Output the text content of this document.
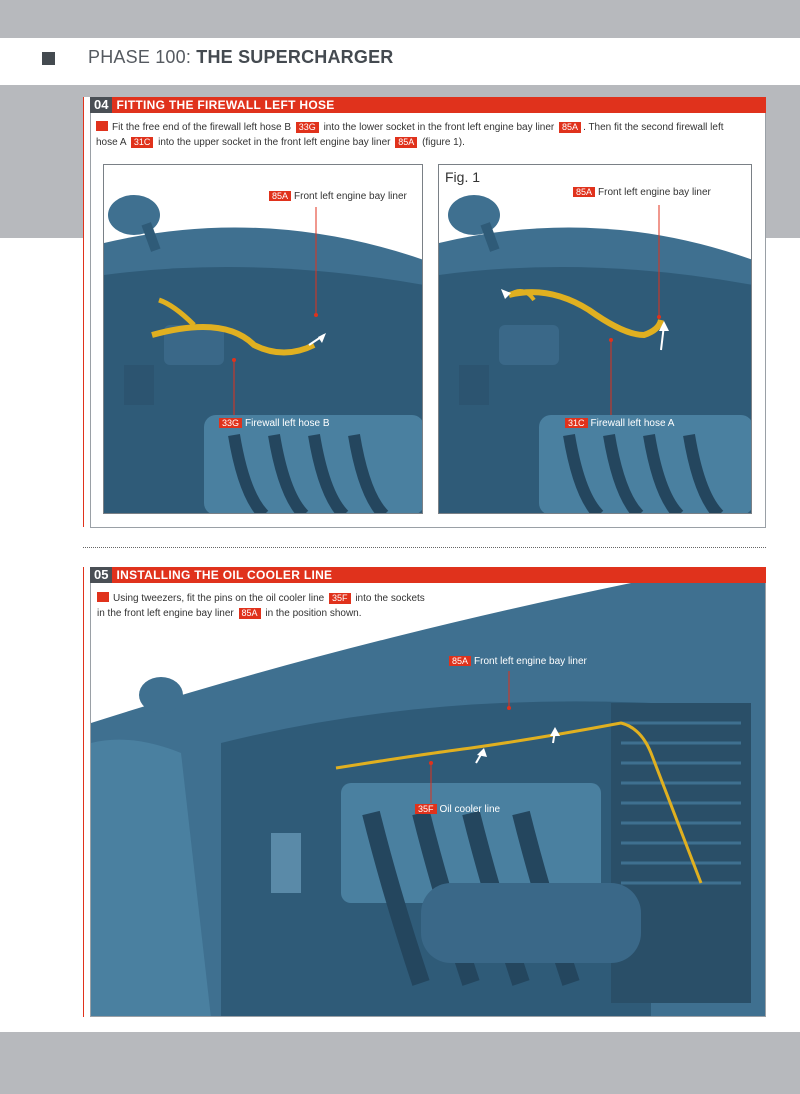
PHASE 100: THE SUPERCHARGER
04 FITTING THE FIREWALL LEFT HOSE
Fit the free end of the firewall left hose B 33G into the lower socket in the front left engine bay liner 85A . Then fit the second firewall left
hose A 31C into the upper socket in the front left engine bay liner 85A (figure 1).
85A Front left engine bay liner
33G Firewall left hose B
Fig. 1
85A Front left engine bay liner
31C Firewall left hose A
85A Front left engine bay liner
35F Oil cooler line
Using tweezers, fit the pins on the oil cooler line 35F into the sockets
in the front left engine bay liner 85A in the position shown.
05 INSTALLING THE OIL COOLER LINE
